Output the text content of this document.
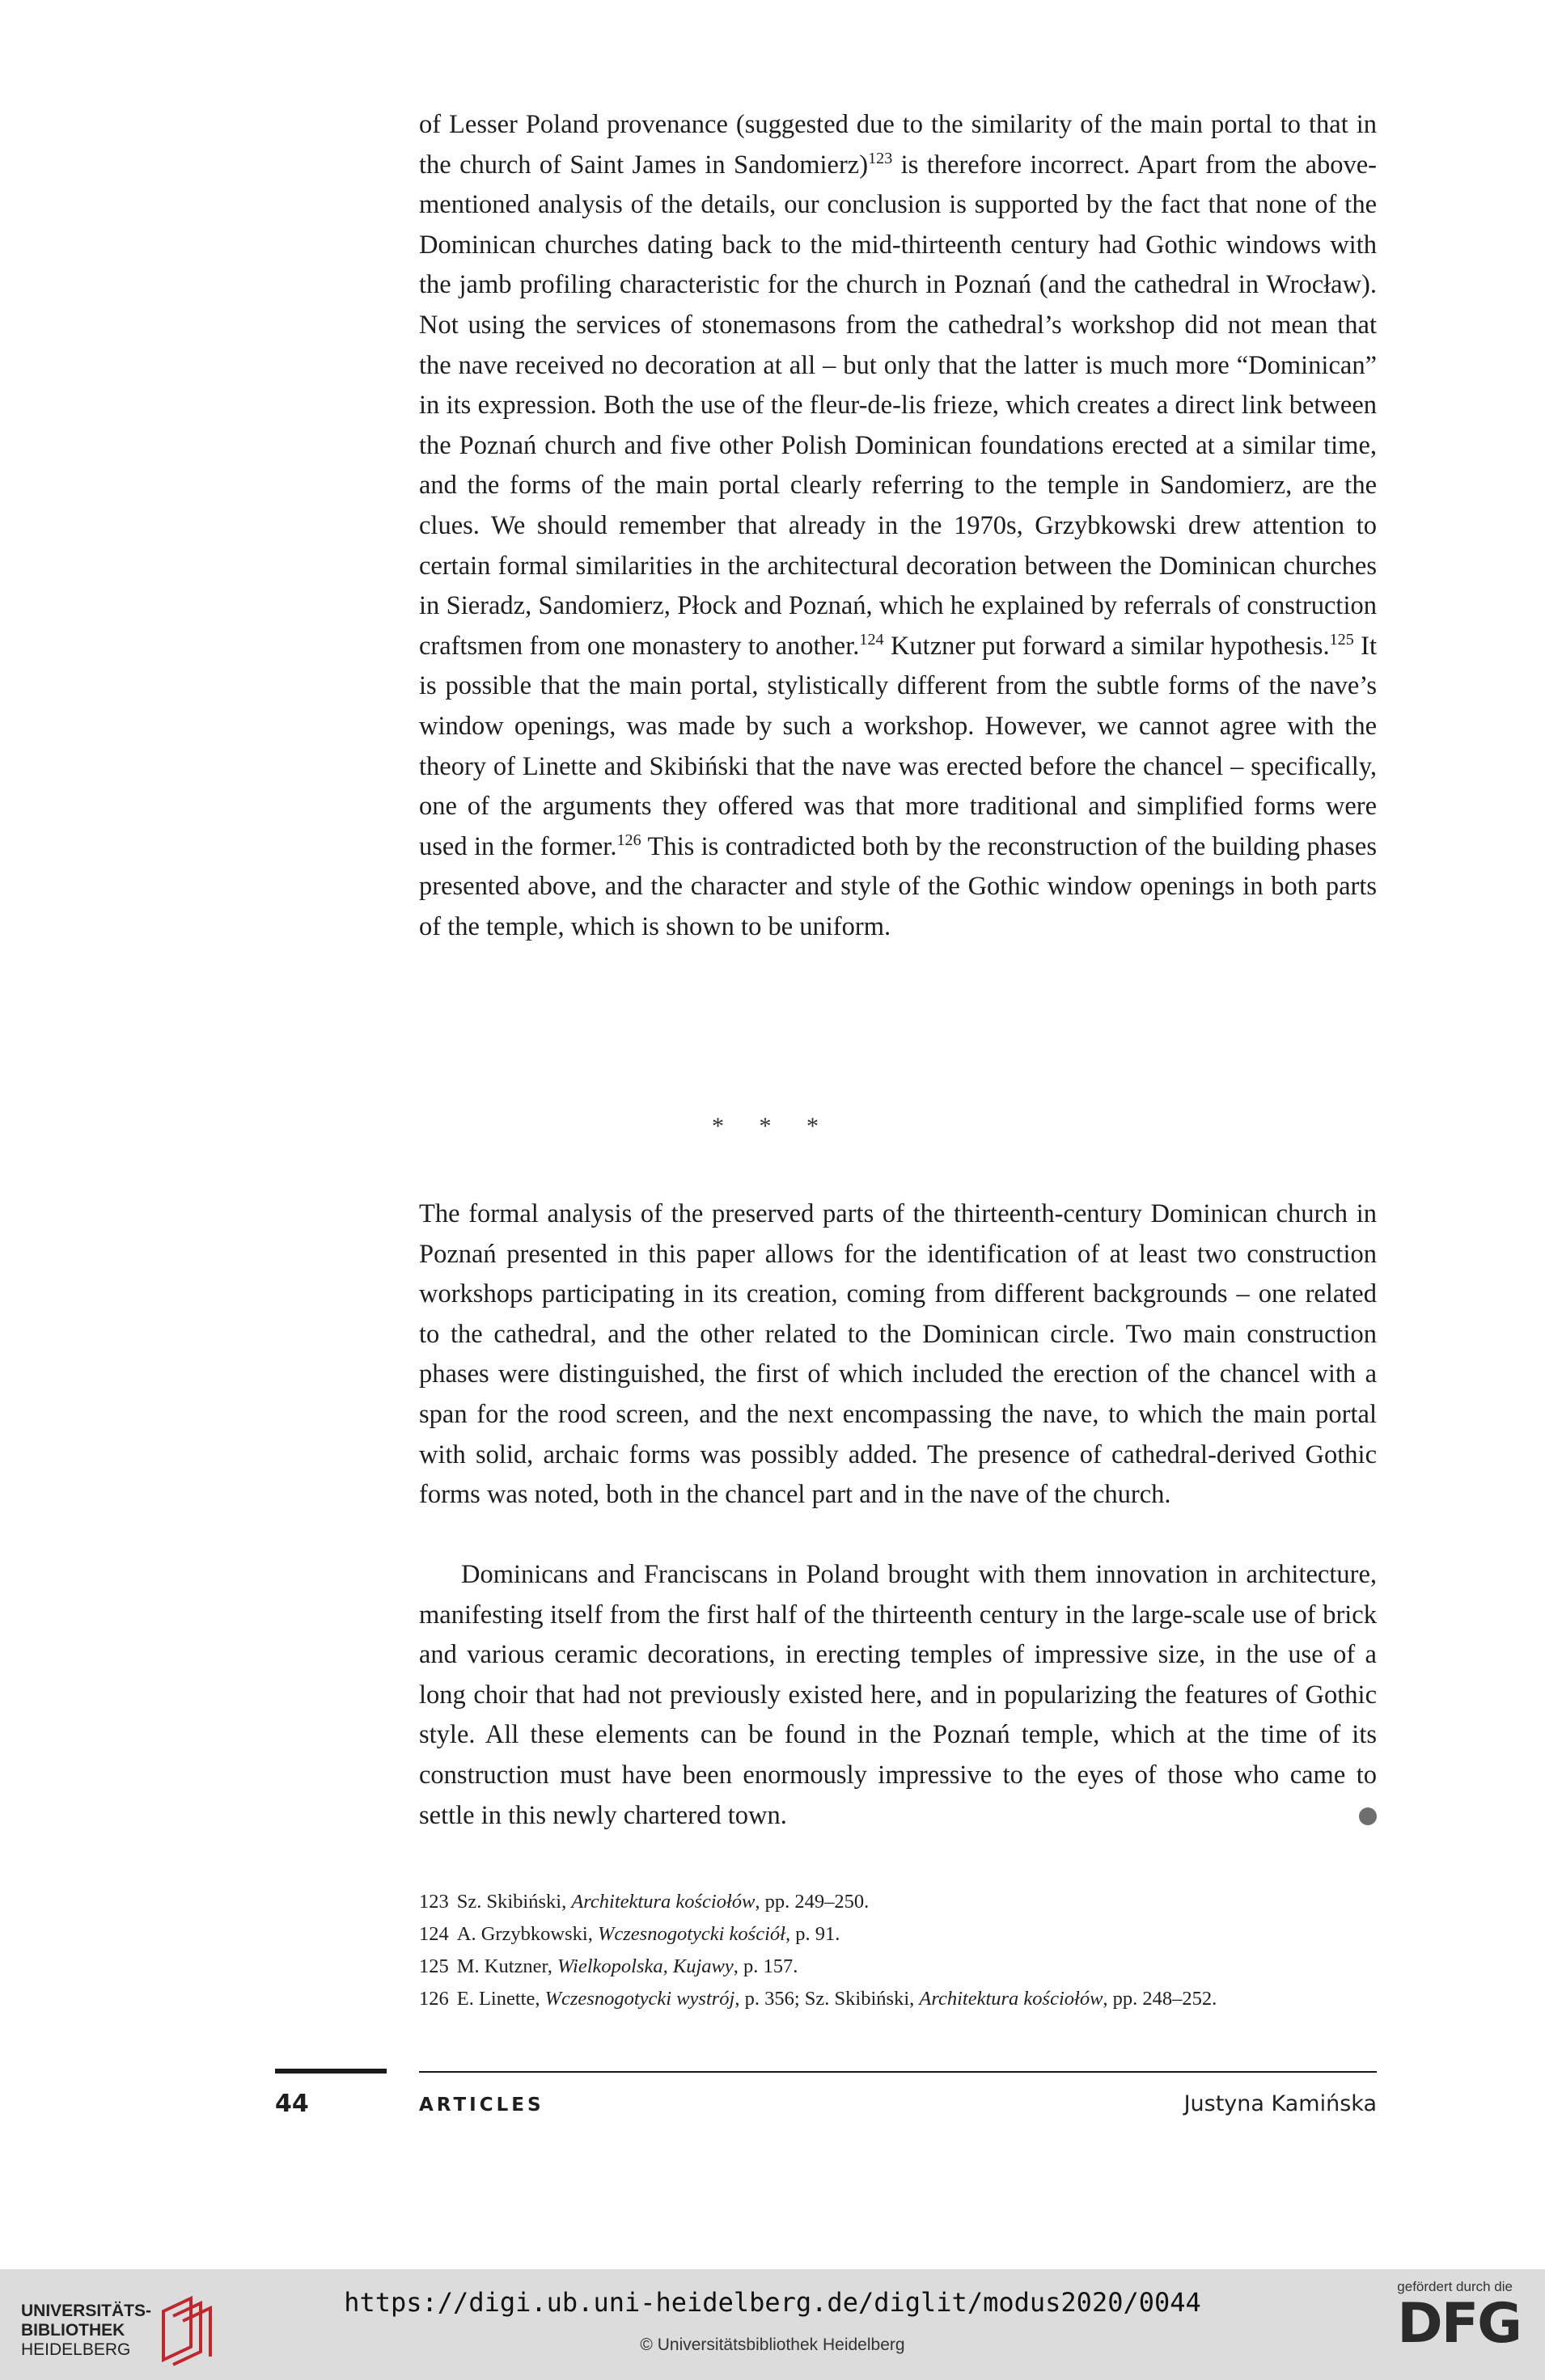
of Lesser Poland provenance (suggested due to the similarity of the main portal to that in the church of Saint James in Sandomierz)$^{123}$ is therefore incorrect. Apart from the above-mentioned analysis of the details, our conclusion is supported by the fact that none of the Dominican churches dating back to the mid-thirteenth century had Gothic windows with the jamb profiling characteristic for the church in Poznań (and the cathedral in Wrocław). Not using the services of stonemasons from the cathedral’s workshop did not mean that the nave received no decoration at all – but only that the latter is much more “Dominican” in its expression. Both the use of the fleur-de-lis frieze, which creates a direct link between the Poznań church and five other Polish Dominican foundations erected at a similar time, and the forms of the main portal clearly referring to the temple in Sandomierz, are the clues. We should remember that already in the 1970s, Grzybkowski drew attention to certain formal similarities in the architectural decoration between the Dominican churches in Sieradz, Sandomierz, Płock and Poznań, which he explained by referrals of construction craftsmen from one monastery to another.$^{124}$ Kutzner put forward a similar hypothesis.$^{125}$ It is possible that the main portal, stylistically different from the subtle forms of the nave’s window openings, was made by such a workshop. However, we cannot agree with the theory of Linette and Skibiński that the nave was erected before the chancel – specifically, one of the arguments they offered was that more traditional and simplified forms were used in the former.$^{126}$ This is contradicted both by the reconstruction of the building phases presented above, and the character and style of the Gothic window openings in both parts of the temple, which is shown to be uniform.

* * *

The formal analysis of the preserved parts of the thirteenth-century Dominican church in Poznań presented in this paper allows for the identification of at least two construction workshops participating in its creation, coming from different backgrounds – one related to the cathedral, and the other related to the Dominican circle. Two main construction phases were distinguished, the first of which included the erection of the chancel with a span for the rood screen, and the next encompassing the nave, to which the main portal with solid, archaic forms was possibly added. The presence of cathedral-derived Gothic forms was noted, both in the chancel part and in the nave of the church.

Dominicans and Franciscans in Poland brought with them innovation in architecture, manifesting itself from the first half of the thirteenth century in the large-scale use of brick and various ceramic decorations, in erecting temples of impressive size, in the use of a long choir that had not previously existed here, and in popularizing the features of Gothic style. All these elements can be found in the Poznań temple, which at the time of its construction must have been enormously impressive to the eyes of those who came to settle in this newly chartered town.

123 Sz. Skibiński, Architektura kościołów, pp. 249–250.
124 A. Grzybkowski, Wczesnogotycki kościół, p. 91.
125 M. Kutzner, Wielkopolska, Kujawy, p. 157.
126 E. Linette, Wczesnogotycki wystrój, p. 356; Sz. Skibiński, Architektura kościołów, pp. 248–252.
44	ARTICLES	Justyna Kamińska
UNIVERSITÄTS-
BIBLIOTHEK
HEIDELBERG
https://digi.ub.uni-heidelberg.de/diglit/modus2020/0044
© Universitätsbibliothek Heidelberg
gefördert durch die
DFG
